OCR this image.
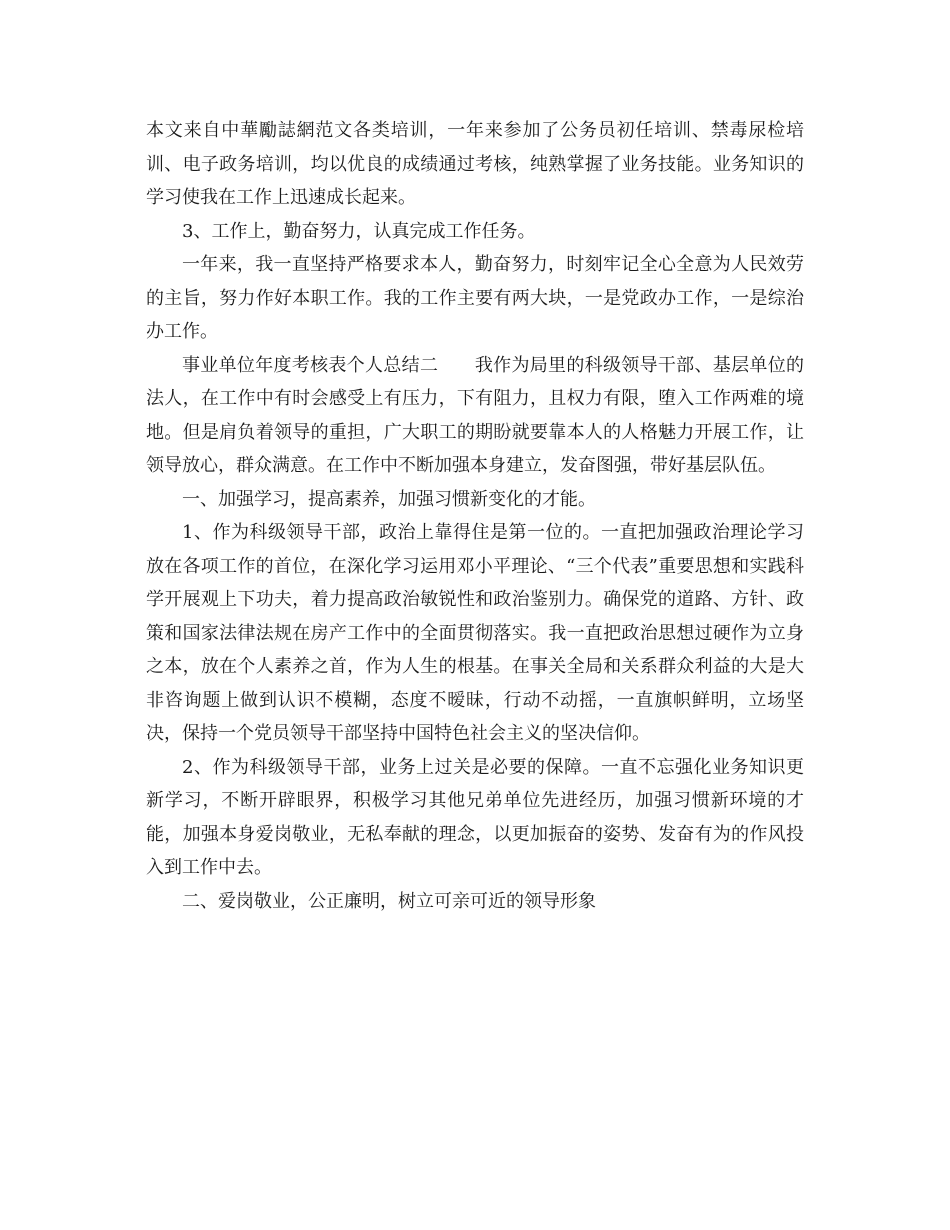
本文来自中華勵誌網范文各类培训，一年来参加了公务员初任培训、禁毒尿检培训、电子政务培训，均以优良的成绩通过考核，纯熟掌握了业务技能。业务知识的学习使我在工作上迅速成长起来。

3、工作上，勤奋努力，认真完成工作任务。

一年来，我一直坚持严格要求本人，勤奋努力，时刻牢记全心全意为人民效劳的主旨，努力作好本职工作。我的工作主要有两大块，一是党政办工作，一是综治办工作。

事业单位年度考核表个人总结二　　我作为局里的科级领导干部、基层单位的法人，在工作中有时会感受上有压力，下有阻力，且权力有限，堕入工作两难的境地。但是肩负着领导的重担，广大职工的期盼就要靠本人的人格魅力开展工作，让领导放心，群众满意。在工作中不断加强本身建立，发奋图强，带好基层队伍。

一、加强学习，提高素养，加强习惯新变化的才能。

1、作为科级领导干部，政治上靠得住是第一位的。一直把加强政治理论学习放在各项工作的首位，在深化学习运用邓小平理论、“三个代表”重要思想和实践科学开展观上下功夫，着力提高政治敏锐性和政治鉴别力。确保党的道路、方针、政策和国家法律法规在房产工作中的全面贯彻落实。我一直把政治思想过硬作为立身之本，放在个人素养之首，作为人生的根基。在事关全局和关系群众利益的大是大非咨询题上做到认识不模糊，态度不暧昧，行动不动摇，一直旗帜鲜明，立场坚决，保持一个党员领导干部坚持中国特色社会主义的坚决信仰。

2、作为科级领导干部，业务上过关是必要的保障。一直不忘强化业务知识更新学习，不断开辟眼界，积极学习其他兄弟单位先进经历，加强习惯新环境的才能，加强本身爱岗敬业，无私奉献的理念，以更加振奋的姿势、发奋有为的作风投入到工作中去。

二、爱岗敬业，公正廉明，树立可亲可近的领导形象
